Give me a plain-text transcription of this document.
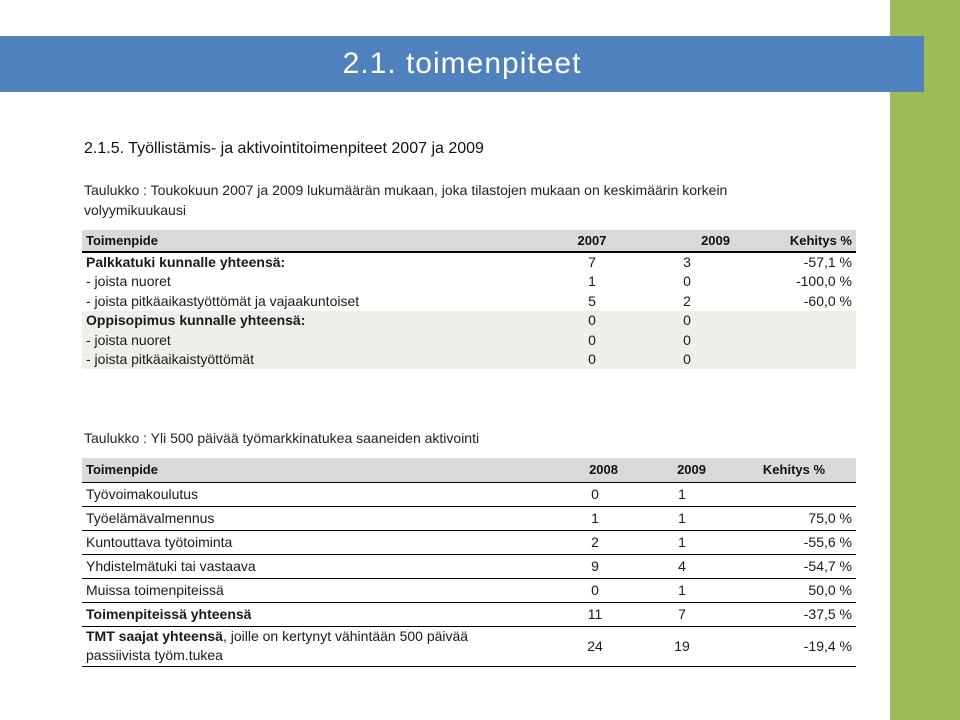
2.1. toimenpiteet
2.1.5. Työllistämis- ja aktivointitoimenpiteet 2007 ja 2009
Taulukko : Toukokuun 2007 ja 2009 lukumäärän mukaan, joka tilastojen mukaan on keskimäärin korkein volyymikuukausi
Toimenpide	2007	2009	Kehitys %
Palkkatuki kunnalle yhteensä:	7	3	-57,1 %
- joista nuoret	1	0	-100,0 %
- joista pitkäaikastyöttömät ja vajaakuntoiset	5	2	-60,0 %
Oppisopimus kunnalle yhteensä:	0	0	
- joista nuoret	0	0	
- joista pitkäaikaistyöttömät	0	0	
Taulukko : Yli 500 päivää työmarkkinatukea saaneiden aktivointi
Toimenpide	2008	2009	Kehitys %
Työvoimakoulutus	0	1	
Työelämävalmennus	1	1	75,0 %
Kuntouttava työtoiminta	2	1	-55,6 %
Yhdistelmätuki tai vastaava	9	4	-54,7 %
Muissa toimenpiteissä	0	1	50,0 %
Toimenpiteissä yhteensä	11	7	-37,5 %
TMT saajat yhteensä, joille on kertynyt vähintään 500 päivää passiivista työm.tukea	24	19	-19,4 %
